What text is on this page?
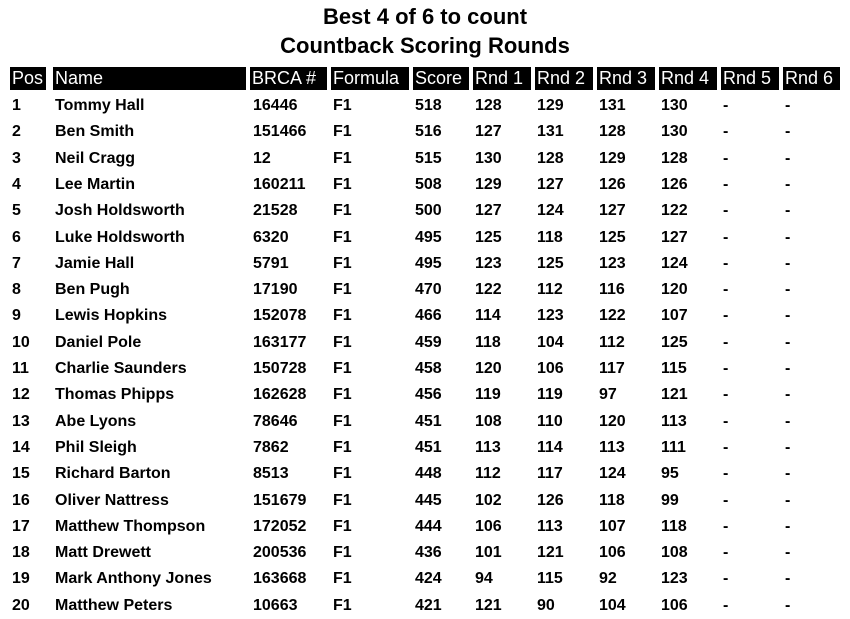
Best 4 of 6 to count
Countback Scoring Rounds
Pos Name	BRCA # Formula Score Rnd 1 Rnd 2 Rnd 3 Rnd 4 Rnd 5 Rnd 6
1 Tommy Hall	16446 F1	518 128 129 131 130 -	-
2 Ben Smith	151466 F1	516 127 131 128 130 -	-
3 Neil Cragg	12	F1	515 130 128 129 128 -	-
4 Lee Martin	160211 F1	508 129 127 126 126 -	-
5 Josh Holdsworth	21528 F1	500 127 124 127 122 -	-
6 Luke Holdsworth	6320	F1	495 125 118 125 127 -	-
7 Jamie Hall	5791	F1	495 123 125 123 124 -	-
8 Ben Pugh	17190 F1	470 122 112 116 120 -	-
9 Lewis Hopkins	152078 F1	466 114 123 122 107 -	-
10 Daniel Pole	163177 F1	459 118 104 112 125 -	-
11 Charlie Saunders	150728 F1	458 120 106 117 115 -	-
12 Thomas Phipps	162628 F1	456 119 119 97	121 -	-
13 Abe Lyons	78646 F1	451 108 110 120 113 -	-
14 Phil Sleigh	7862	F1	451 113 114 113 111 -	-
15 Richard Barton	8513	F1	448 112 117 124 95	-	-
16 Oliver Nattress	151679 F1	445 102 126 118 99	-	-
17 Matthew Thompson	172052 F1	444 106 113 107 118 -	-
18 Matt Drewett	200536 F1	436 101 121 106 108 -	-
19 Mark Anthony Jones	163668 F1	424 94	115 92	123 -	-
20 Matthew Peters	10663 F1	421 121 90	104 106 -	-
